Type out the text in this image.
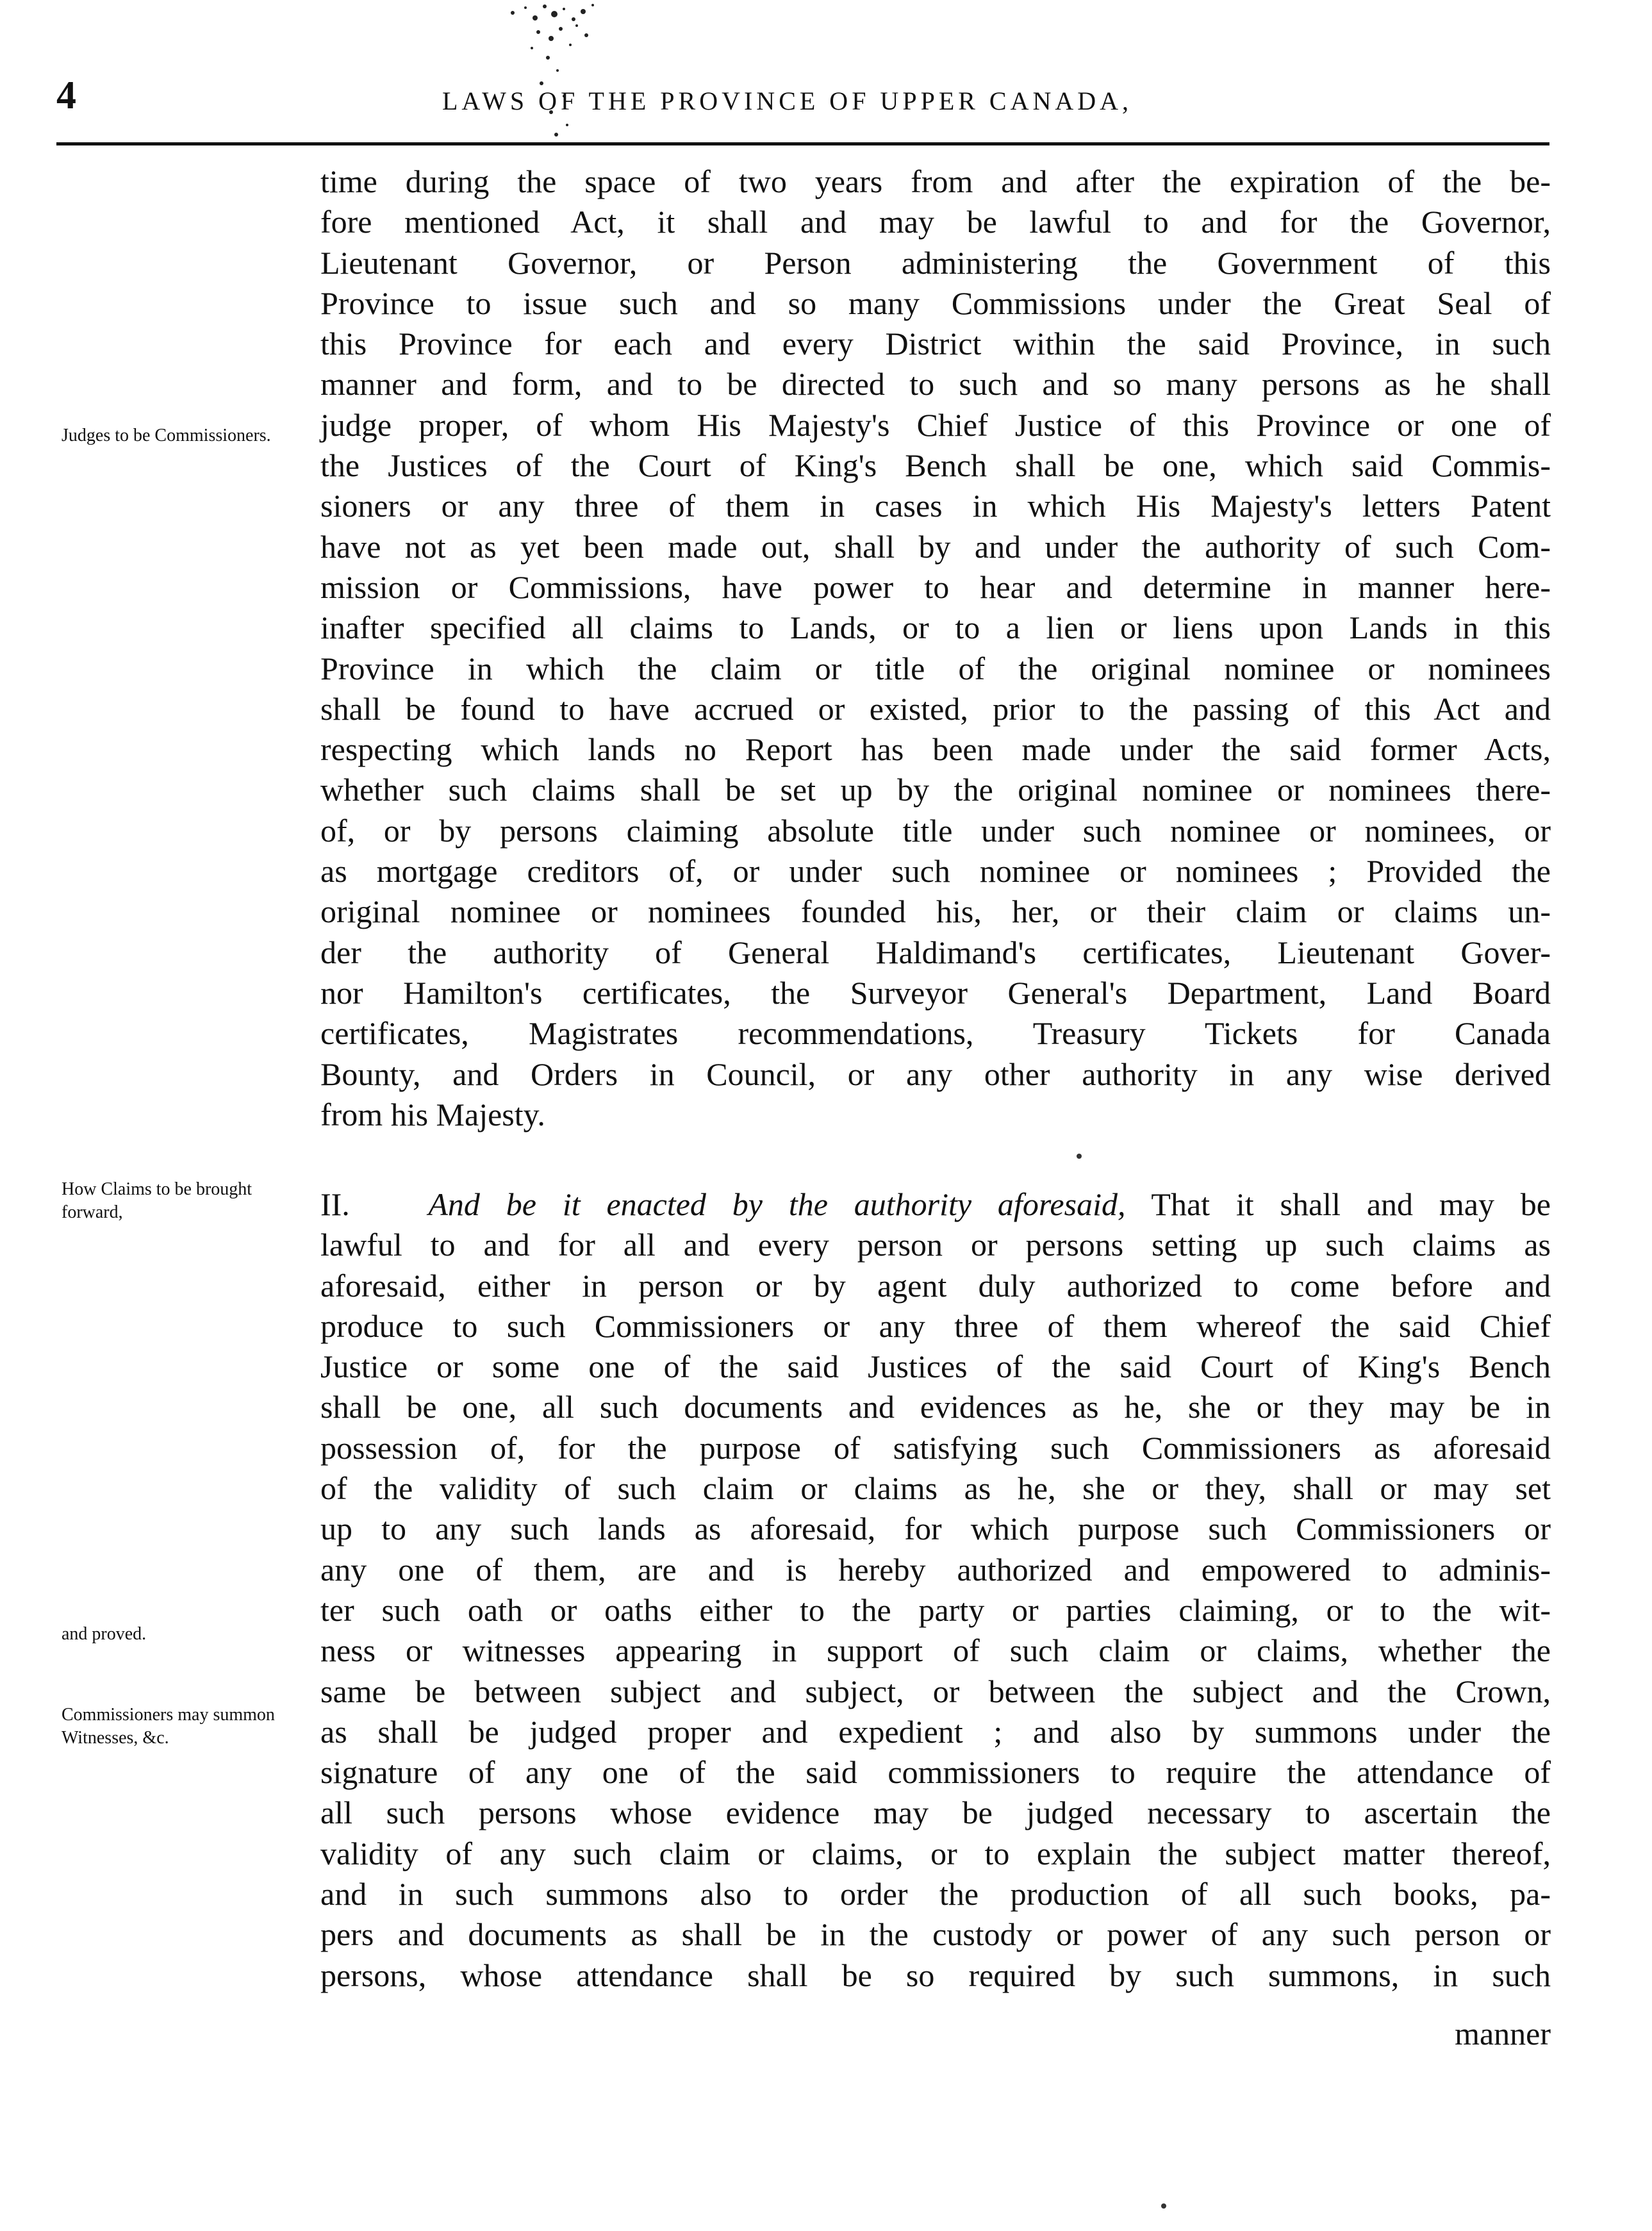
4	LAWS OF THE PROVINCE OF UPPER CANADA,
Judges to be Commissioners.
How Claims to be brought forward,
and proved.
Commissioners may summon Witnesses, &c.
time during the space of two years from and after the expiration of the be-
fore mentioned Act, it shall and may be lawful to and for the Governor,
Lieutenant Governor, or Person administering the Government of this
Province to issue such and so many Commissions under the Great Seal of
this Province for each and every District within the said Province, in such
manner and form, and to be directed to such and so many persons as he shall
judge proper, of whom His Majesty's Chief Justice of this Province or one of
the Justices of the Court of King's Bench shall be one, which said Commis-
sioners or any three of them in cases in which His Majesty's letters Patent
have not as yet been made out, shall by and under the authority of such Com-
mission or Commissions, have power to hear and determine in manner here-
inafter specified all claims to Lands, or to a lien or liens upon Lands in this
Province in which the claim or title of the original nominee or nominees
shall be found to have accrued or existed, prior to the passing of this Act and
respecting which lands no Report has been made under the said former Acts,
whether such claims shall be set up by the original nominee or nominees there-
of, or by persons claiming absolute title under such nominee or nominees, or
as mortgage creditors of, or under such nominee or nominees ; Provided the
original nominee or nominees founded his, her, or their claim or claims un-
der the authority of General Haldimand's certificates, Lieutenant Gover-
nor Hamilton's certificates, the Surveyor General's Department, Land Board
certificates, Magistrates recommendations, Treasury Tickets for Canada
Bounty, and Orders in Council, or any other authority in any wise derived
from his Majesty.
II. And be it enacted by the authority aforesaid, That it shall and may be
lawful to and for all and every person or persons setting up such claims as
aforesaid, either in person or by agent duly authorized to come before and
produce to such Commissioners or any three of them whereof the said Chief
Justice or some one of the said Justices of the said Court of King's Bench
shall be one, all such documents and evidences as he, she or they may be in
possession of, for the purpose of satisfying such Commissioners as aforesaid
of the validity of such claim or claims as he, she or they, shall or may set
up to any such lands as aforesaid, for which purpose such Commissioners or
any one of them, are and is hereby authorized and empowered to adminis-
ter such oath or oaths either to the party or parties claiming, or to the wit-
ness or witnesses appearing in support of such claim or claims, whether the
same be between subject and subject, or between the subject and the Crown,
as shall be judged proper and expedient ; and also by summons under the
signature of any one of the said commissioners to require the attendance of
all such persons whose evidence may be judged necessary to ascertain the
validity of any such claim or claims, or to explain the subject matter thereof,
and in such summons also to order the production of all such books, pa-
pers and documents as shall be in the custody or power of any such person or
persons, whose attendance shall be so required by such summons, in such
manner
